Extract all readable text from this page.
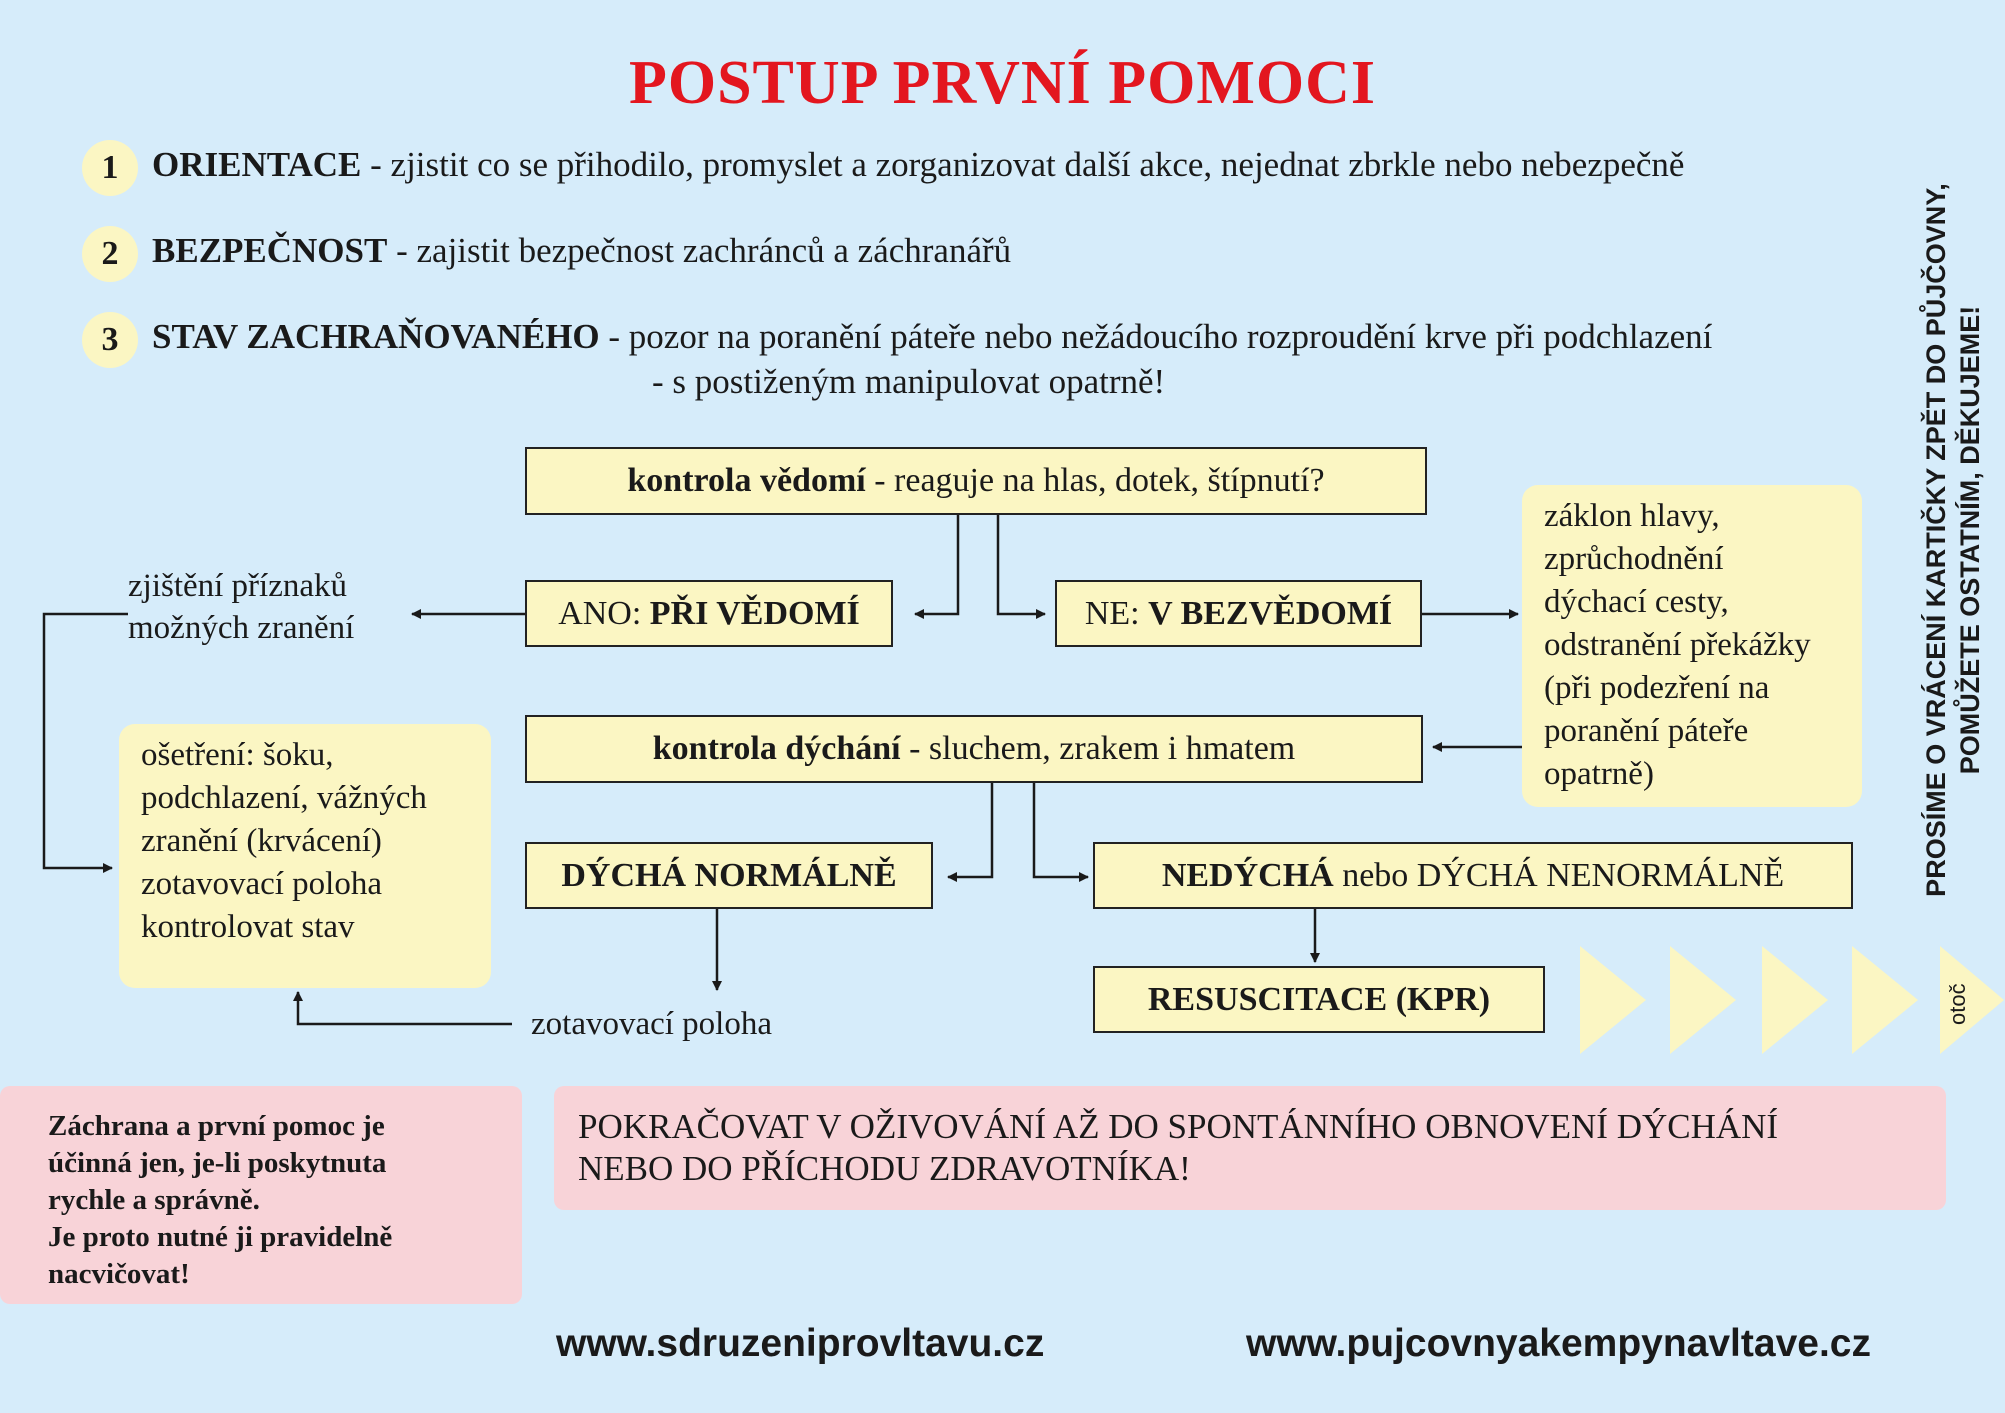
POSTUP PRVNÍ POMOCI
1 ORIENTACE - zjistit co se přihodilo, promyslet a zorganizovat další akce, nejednat zbrkle nebo nebezpečně
2 BEZPEČNOST - zajistit bezpečnost zachránců a záchranářů
3 STAV ZACHRAŇOVANÉHO - pozor na poranění páteře nebo nežádoucího rozproudění krve při podchlazení
- s postiženým manipulovat opatrně!
kontrola vědomí - reaguje na hlas, dotek, štípnutí?
ANO: PŘI VĚDOMÍ	NE: V BEZVĚDOMÍ
zjištění příznaků
možných zranění
záklon hlavy,
zprůchodnění
dýchací cesty,
odstranění překážky
(při podezření na
poranění páteře
opatrně)
ošetření: šoku,
podchlazení, vážných
zranění (krvácení)
zotavovací poloha
kontrolovat stav
kontrola dýchání - sluchem, zrakem i hmatem
DÝCHÁ NORMÁLNĚ	NEDÝCHÁ nebo DÝCHÁ NENORMÁLNĚ
zotavovací poloha
RESUSCITACE (KPR)
Záchrana a první pomoc je
účinná jen, je-li poskytnuta
rychle a správně.
Je proto nutné ji pravidelně
nacvičovat!
POKRAČOVAT V OŽIVOVÁNÍ AŽ DO SPONTÁNNÍHO OBNOVENÍ DÝCHÁNÍ
NEBO DO PŘÍCHODU ZDRAVOTNÍKA!
www.sdruzeniprovltavu.cz	www.pujcovnyakempynavltave.cz
PROSÍME O VRÁCENÍ KARTIČKY ZPĚT DO PŮJČOVNY,
POMŮŽETE OSTATNÍM, DĚKUJEME!
otoč
